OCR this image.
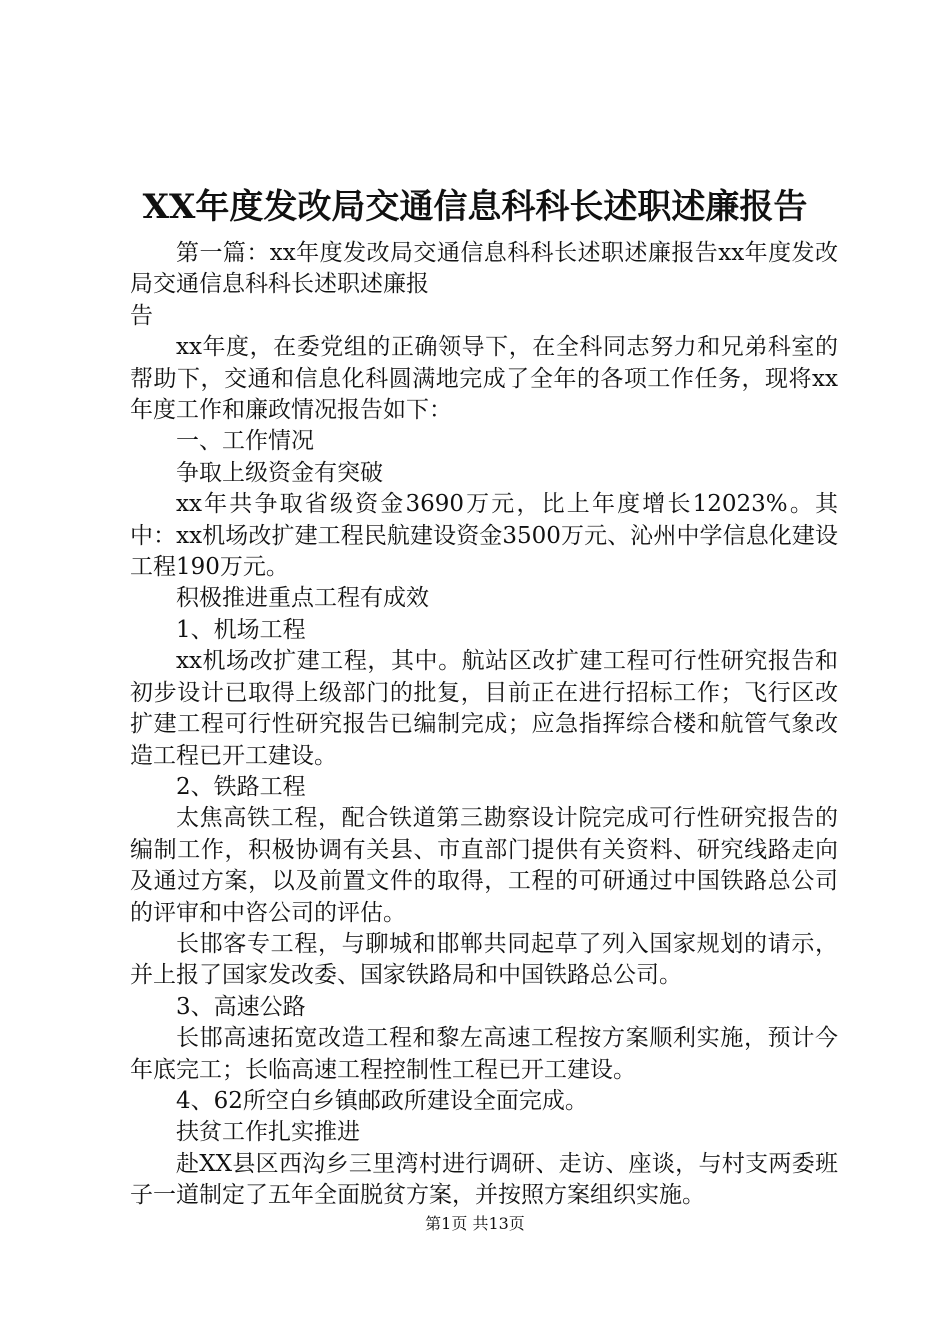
XX年度发改局交通信息科科长述职述廉报告

第一篇：xx年度发改局交通信息科科长述职述廉报告xx年度发改局交通信息科科长述职述廉报

告

xx年度，在委党组的正确领导下，在全科同志努力和兄弟科室的帮助下，交通和信息化科圆满地完成了全年的各项工作任务，现将xx年度工作和廉政情况报告如下：

一、工作情况

争取上级资金有突破

xx年共争取省级资金3690万元，比上年度增长12023%。其中：xx机场改扩建工程民航建设资金3500万元、沁州中学信息化建设工程190万元。

积极推进重点工程有成效

1、机场工程

xx机场改扩建工程，其中。航站区改扩建工程可行性研究报告和初步设计已取得上级部门的批复，目前正在进行招标工作；飞行区改扩建工程可行性研究报告已编制完成；应急指挥综合楼和航管气象改造工程已开工建设。

2、铁路工程

太焦高铁工程，配合铁道第三勘察设计院完成可行性研究报告的编制工作，积极协调有关县、市直部门提供有关资料、研究线路走向及通过方案，以及前置文件的取得，工程的可研通过中国铁路总公司的评审和中咨公司的评估。

长邯客专工程，与聊城和邯郸共同起草了列入国家规划的请示，并上报了国家发改委、国家铁路局和中国铁路总公司。

3、高速公路

长邯高速拓宽改造工程和黎左高速工程按方案顺利实施，预计今年底完工；长临高速工程控制性工程已开工建设。

4、62所空白乡镇邮政所建设全面完成。

扶贫工作扎实推进

赴XX县区西沟乡三里湾村进行调研、走访、座谈，与村支两委班子一道制定了五年全面脱贫方案，并按照方案组织实施。

第1页 共13页
